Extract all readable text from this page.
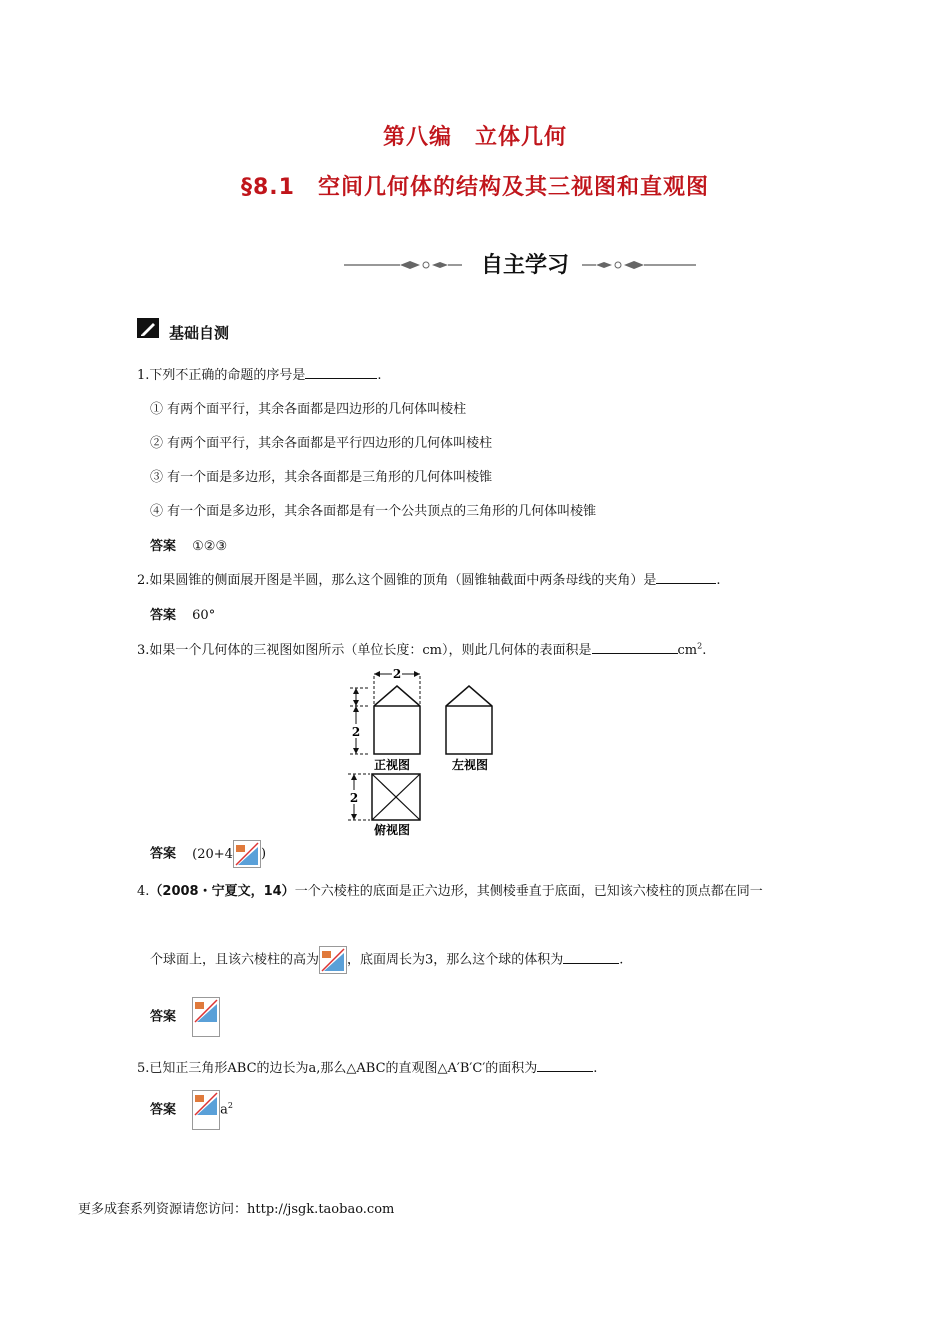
第八编　立体几何
§8.1　空间几何体的结构及其三视图和直观图
自主学习
基础自测
1.下列不正确的命题的序号是	.
① 有两个面平行，其余各面都是四边形的几何体叫棱柱
② 有两个面平行，其余各面都是平行四边形的几何体叫棱柱
③ 有一个面是多边形，其余各面都是三角形的几何体叫棱锥
④ 有一个面是多边形，其余各面都是有一个公共顶点的三角形的几何体叫棱锥
答案 ①②③
2.如果圆锥的侧面展开图是半圆，那么这个圆锥的顶角（圆锥轴截面中两条母线的夹角）是	.
答案 60°
3.如果一个几何体的三视图如图所示（单位长度：cm），则此几何体的表面积是	$cm^2$.
2
2
正视图	左视图
2
俯视图
答案 (20+4 )
4.（2008・宁夏文，14）一个六棱柱的底面是正六边形，其侧棱垂直于底面，已知该六棱柱的顶点都在同一
个球面上，且该六棱柱的高为 ，底面周长为3，那么这个球的体积为	.
答案
5.已知正三角形ABC的边长为a,那么△ABC的直观图△A′B′C′的面积为	.
答案	$a^2$
更多成套系列资源请您访问：http://jsgk.taobao.com
